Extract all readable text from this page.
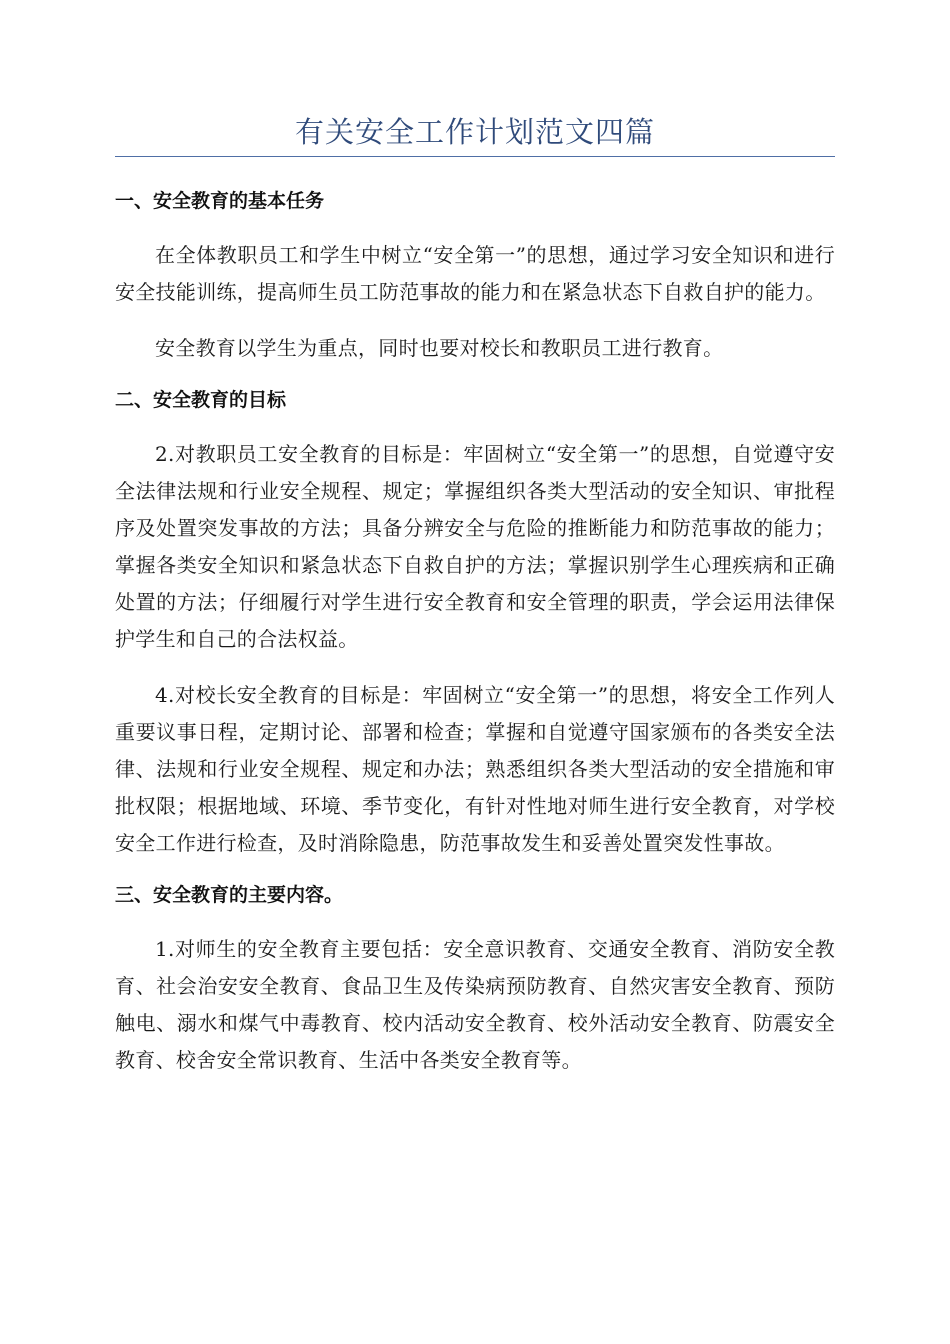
有关安全工作计划范文四篇
一、安全教育的基本任务

在全体教职员工和学生中树立“安全第一”的思想，通过学习安全知识和进行安全技能训练，提高师生员工防范事故的能力和在紧急状态下自救自护的能力。

安全教育以学生为重点，同时也要对校长和教职员工进行教育。

二、安全教育的目标

2.对教职员工安全教育的目标是：牢固树立“安全第一”的思想，自觉遵守安全法律法规和行业安全规程、规定；掌握组织各类大型活动的安全知识、审批程序及处置突发事故的方法；具备分辨安全与危险的推断能力和防范事故的能力；掌握各类安全知识和紧急状态下自救自护的方法；掌握识别学生心理疾病和正确处置的方法；仔细履行对学生进行安全教育和安全管理的职责，学会运用法律保护学生和自己的合法权益。

4.对校长安全教育的目标是：牢固树立“安全第一”的思想，将安全工作列人重要议事日程，定期讨论、部署和检查；掌握和自觉遵守国家颁布的各类安全法律、法规和行业安全规程、规定和办法；熟悉组织各类大型活动的安全措施和审批权限；根据地域、环境、季节变化，有针对性地对师生进行安全教育，对学校安全工作进行检查，及时消除隐患，防范事故发生和妥善处置突发性事故。

三、安全教育的主要内容。

1.对师生的安全教育主要包括：安全意识教育、交通安全教育、消防安全教育、社会治安安全教育、食品卫生及传染病预防教育、自然灾害安全教育、预防触电、溺水和煤气中毒教育、校内活动安全教育、校外活动安全教育、防震安全教育、校舍安全常识教育、生活中各类安全教育等。
